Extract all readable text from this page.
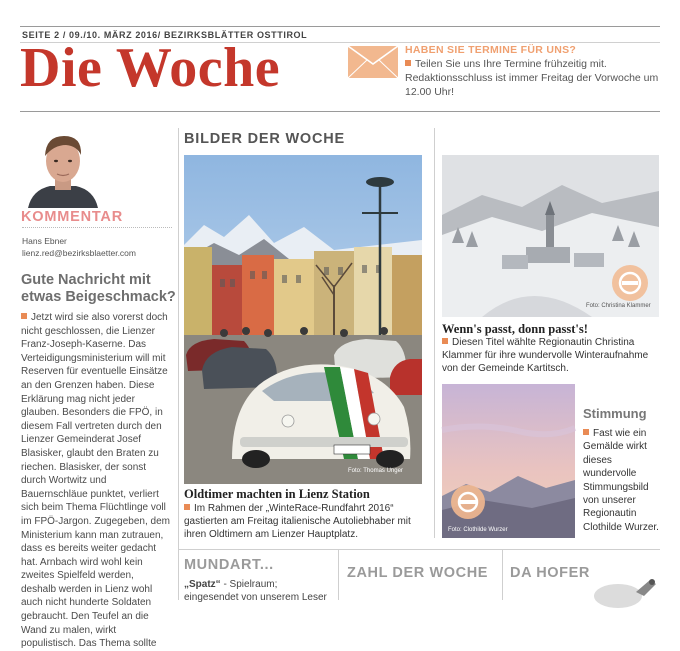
SEITE 2 / 09./10. MÄRZ 2016/ BEZIRKSBLÄTTER OSTTIROL
Die Woche	HABEN SIE TERMINE FÜR UNS?
Teilen Sie uns Ihre Termine frühzeitig mit. Redaktionsschluss ist immer Freitag der Vorwoche um 12.00 Uhr!
KOMMENTAR
Hans Ebner
lienz.red@bezirksblaetter.com
Gute Nachricht mit etwas Beigeschmack?
Jetzt wird sie also vorerst doch nicht geschlossen, die Lienzer Franz-Joseph-Kaserne. Das Verteidigungsministerium will mit Reserven für eventuelle Einsätze an den Grenzen haben. Diese Erklärung mag nicht jeder glauben. Besonders die FPÖ, in diesem Fall vertreten durch den Lienzer Gemeinderat Josef Blasisker, glaubt den Braten zu riechen. Blasisker, der sonst durch Wortwitz und Bauernschläue punktet, verliert sich beim Thema Flüchtlinge voll im FPÖ-Jargon. Zugegeben, dem Ministerium kann man zutrauen, dass es bereits weiter gedacht hat. Arnbach wird wohl kein zweites Spielfeld werden, deshalb werden in Lienz wohl auch nicht hunderte Soldaten gebraucht. Den Teufel an die Wand zu malen, wirkt populistisch. Das Thema sollte
BILDER DER WOCHE
Foto: Thomas Unger
Oldtimer machten in Lienz Station
Im Rahmen der „WinteRace-Rundfahrt 2016“ gastierten am Freitag italienische Autoliebhaber mit ihren Oldtimern am Lienzer Hauptplatz.
Foto: Christina Klammer
Wenn's passt, donn passt's!
Diesen Titel wählte Regionautin Christina Klammer für ihre wundervolle Winteraufnahme von der Gemeinde Kartitsch.
Foto: Clothilde Wurzer
Stimmung
Fast wie ein Gemälde wirkt dieses wundervolle Stimmungsbild von unserer Regionautin Clothilde Wurzer.
MUNDART...
„Spatz“ - Spielraum; eingesendet von unserem Leser
ZAHL DER WOCHE DA HOFER
